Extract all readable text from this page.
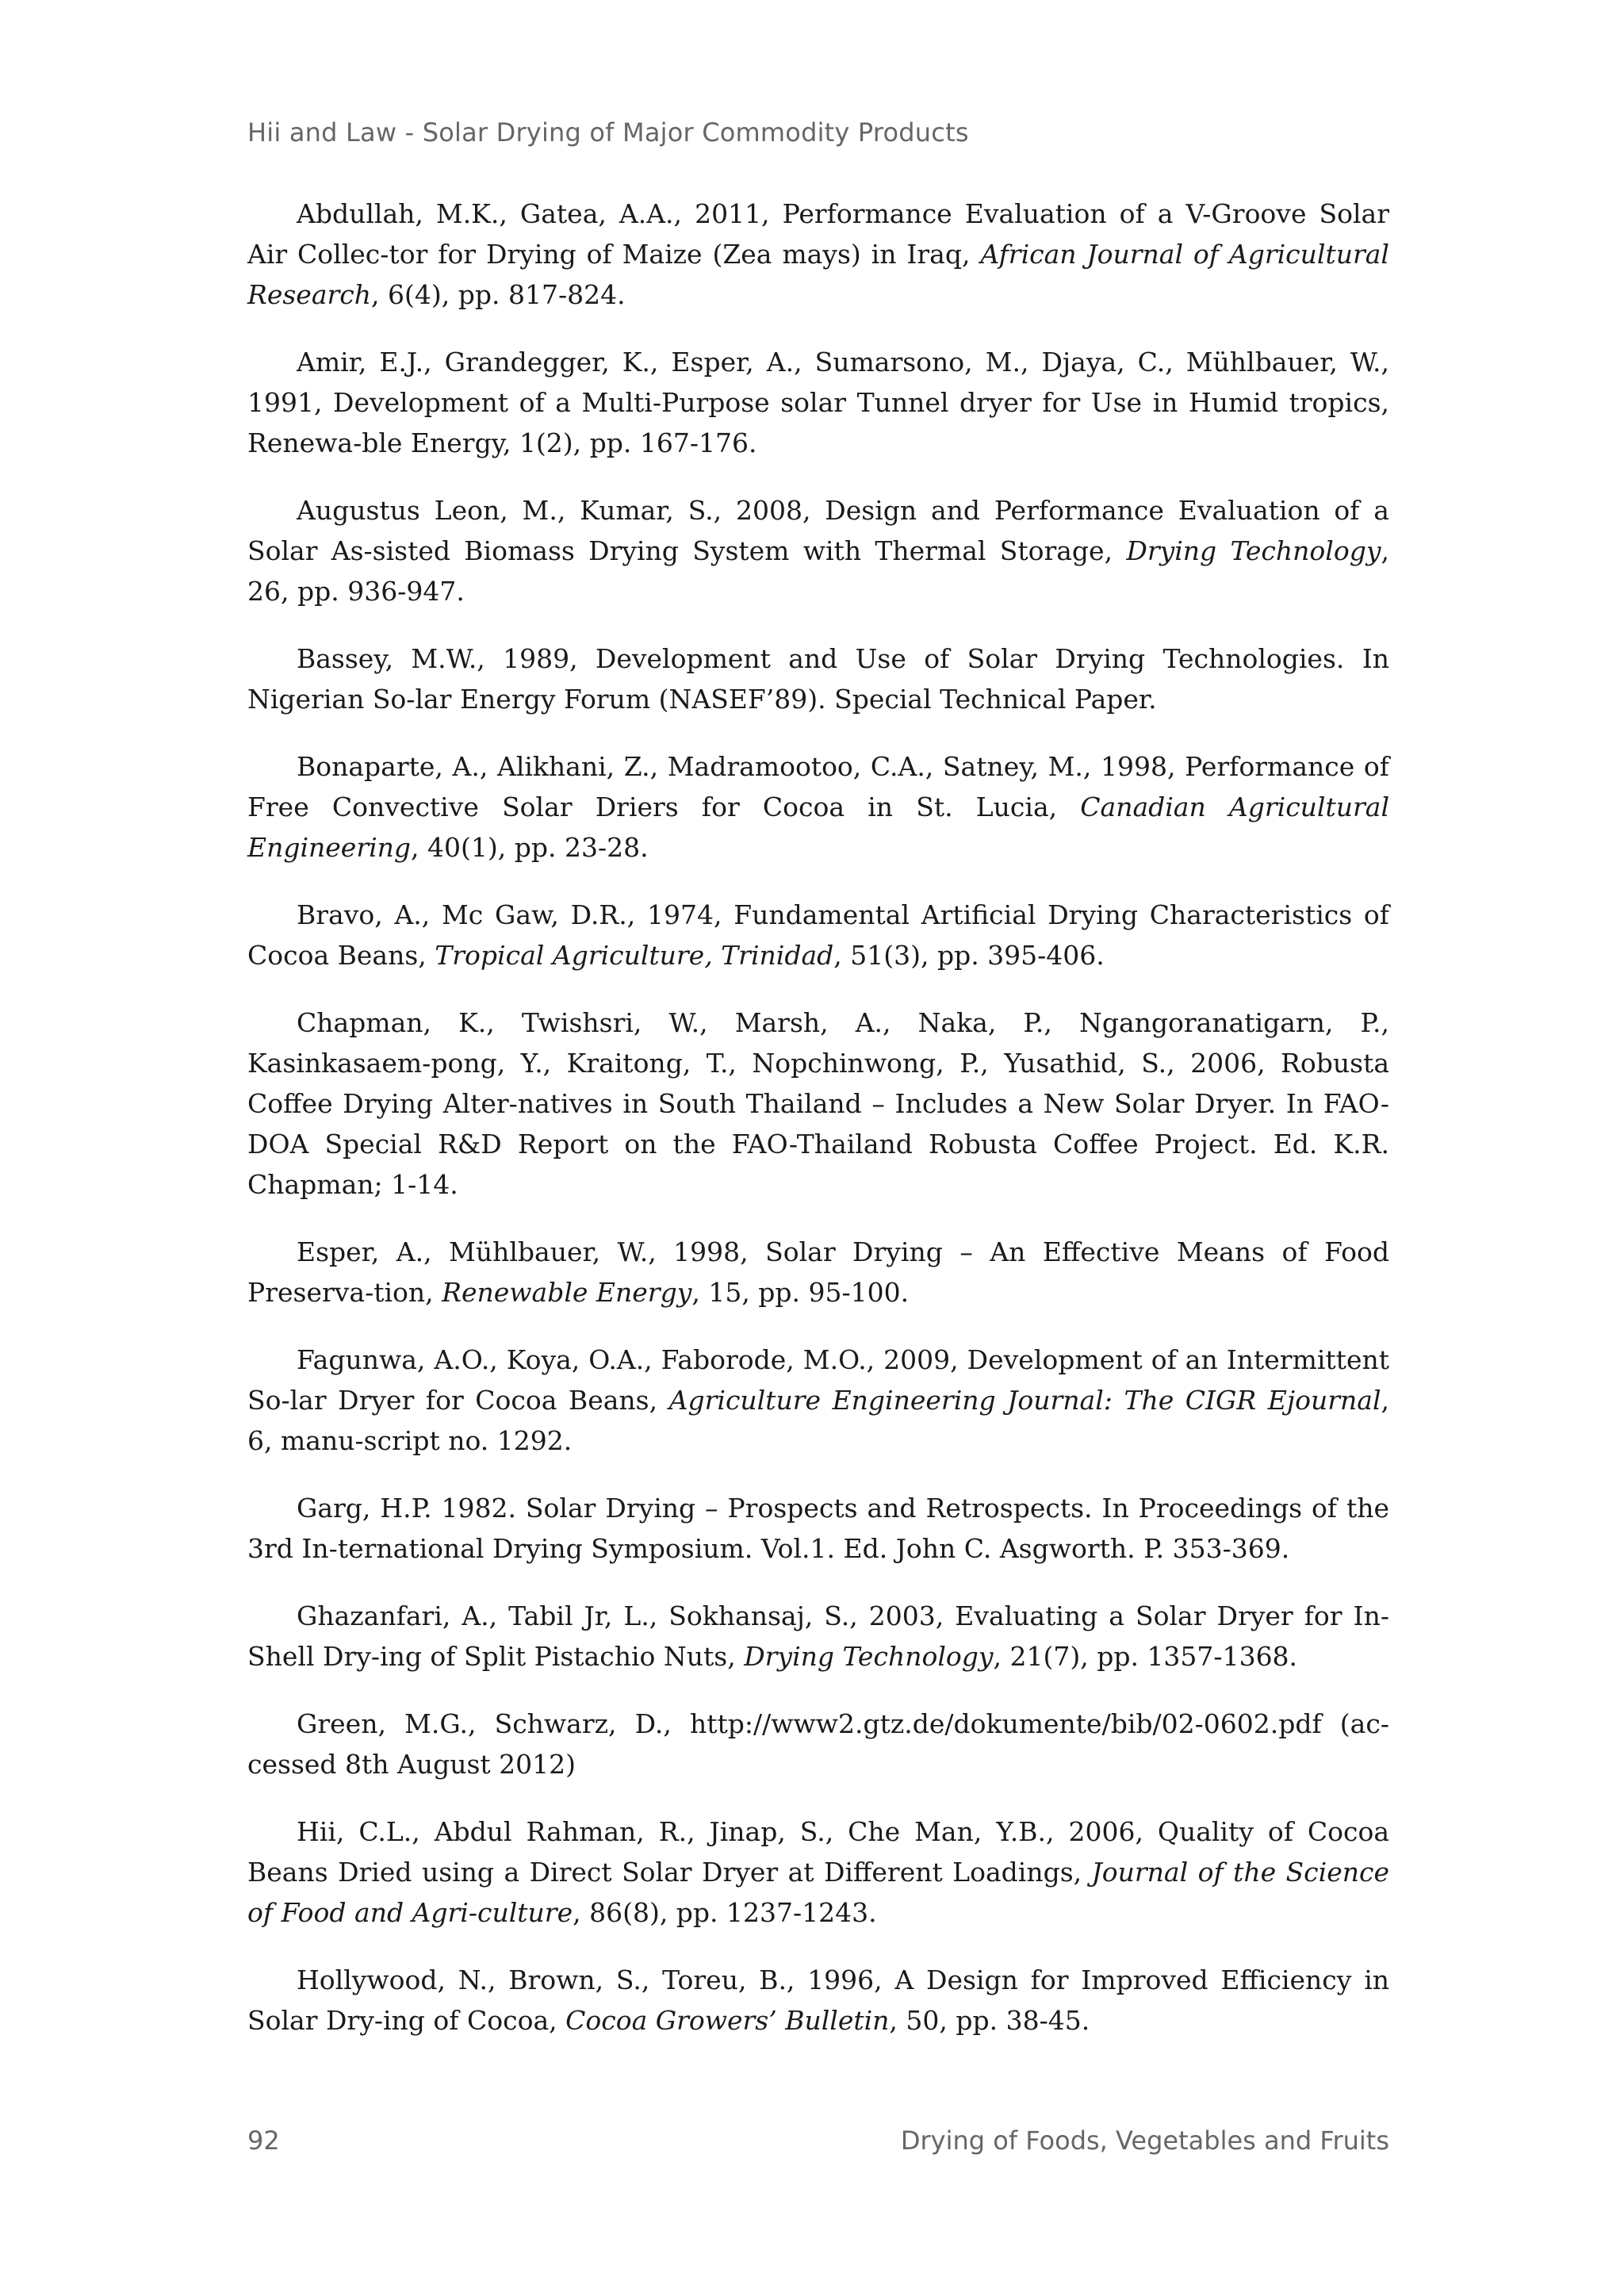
Hii and Law - Solar Drying of Major Commodity Products
Abdullah, M.K., Gatea, A.A., 2011, Performance Evaluation of a V-Groove Solar Air Collec-tor for Drying of Maize (Zea mays) in Iraq, African Journal of Agricultural Research, 6(4), pp. 817-824.
Amir, E.J., Grandegger, K., Esper, A., Sumarsono, M., Djaya, C., Mühlbauer, W., 1991, Development of a Multi-Purpose solar Tunnel dryer for Use in Humid tropics, Renewa-ble Energy, 1(2), pp. 167-176.
Augustus Leon, M., Kumar, S., 2008, Design and Performance Evaluation of a Solar As-sisted Biomass Drying System with Thermal Storage, Drying Technology, 26, pp. 936-947.
Bassey, M.W., 1989, Development and Use of Solar Drying Technologies. In Nigerian So-lar Energy Forum (NASEF’89). Special Technical Paper.
Bonaparte, A., Alikhani, Z., Madramootoo, C.A., Satney, M., 1998, Performance of Free Convective Solar Driers for Cocoa in St. Lucia, Canadian Agricultural Engineering, 40(1), pp. 23-28.
Bravo, A., Mc Gaw, D.R., 1974, Fundamental Artificial Drying Characteristics of Cocoa Beans, Tropical Agriculture, Trinidad, 51(3), pp. 395-406.
Chapman, K., Twishsri, W., Marsh, A., Naka, P., Ngangoranatigarn, P., Kasinkasaem-pong, Y., Kraitong, T., Nopchinwong, P., Yusathid, S., 2006, Robusta Coffee Drying Alter-natives in South Thailand – Includes a New Solar Dryer. In FAO-DOA Special R&D Report on the FAO-Thailand Robusta Coffee Project. Ed. K.R. Chapman; 1-14.
Esper, A., Mühlbauer, W., 1998, Solar Drying – An Effective Means of Food Preserva-tion, Renewable Energy, 15, pp. 95-100.
Fagunwa, A.O., Koya, O.A., Faborode, M.O., 2009, Development of an Intermittent So-lar Dryer for Cocoa Beans, Agriculture Engineering Journal: The CIGR Ejournal, 6, manu-script no. 1292.
Garg, H.P. 1982. Solar Drying – Prospects and Retrospects. In Proceedings of the 3rd In-ternational Drying Symposium. Vol.1. Ed. John C. Asgworth. P. 353-369.
Ghazanfari, A., Tabil Jr, L., Sokhansaj, S., 2003, Evaluating a Solar Dryer for In-Shell Dry-ing of Split Pistachio Nuts, Drying Technology, 21(7), pp. 1357-1368.
Green, M.G., Schwarz, D., http://www2.gtz.de/dokumente/bib/02-0602.pdf (ac-cessed 8th August 2012)
Hii, C.L., Abdul Rahman, R., Jinap, S., Che Man, Y.B., 2006, Quality of Cocoa Beans Dried using a Direct Solar Dryer at Different Loadings, Journal of the Science of Food and Agri-culture, 86(8), pp. 1237-1243.
Hollywood, N., Brown, S., Toreu, B., 1996, A Design for Improved Efficiency in Solar Dry-ing of Cocoa, Cocoa Growers’ Bulletin, 50, pp. 38-45.
92	Drying of Foods, Vegetables and Fruits
